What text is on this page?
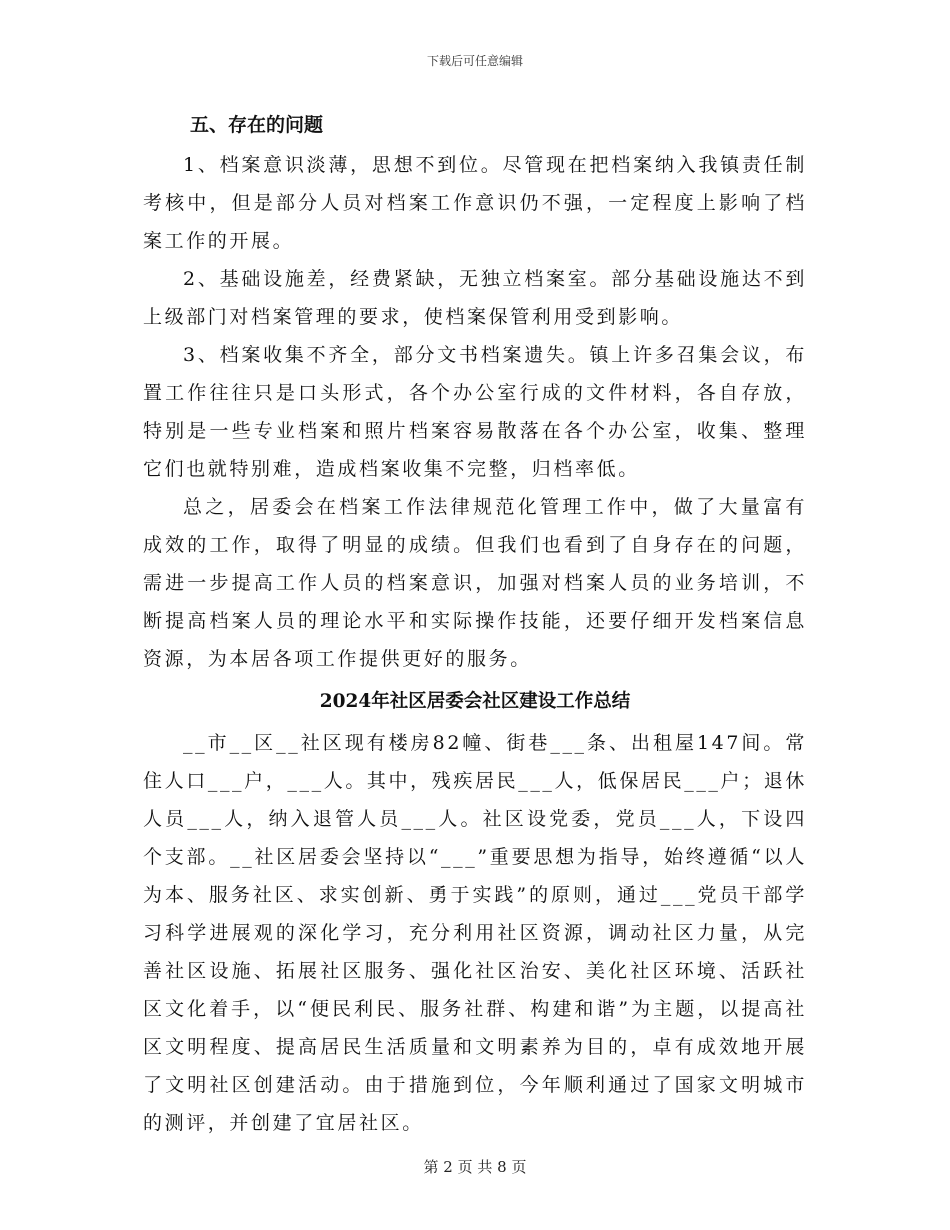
下载后可任意编辑
五、存在的问题

1、档案意识淡薄，思想不到位。尽管现在把档案纳入我镇责任制考核中，但是部分人员对档案工作意识仍不强，一定程度上影响了档案工作的开展。

2、基础设施差，经费紧缺，无独立档案室。部分基础设施达不到上级部门对档案管理的要求，使档案保管利用受到影响。

3、档案收集不齐全，部分文书档案遗失。镇上许多召集会议，布置工作往往只是口头形式，各个办公室行成的文件材料，各自存放，特别是一些专业档案和照片档案容易散落在各个办公室，收集、整理它们也就特别难，造成档案收集不完整，归档率低。

总之，居委会在档案工作法律规范化管理工作中，做了大量富有成效的工作，取得了明显的成绩。但我们也看到了自身存在的问题，需进一步提高工作人员的档案意识，加强对档案人员的业务培训，不断提高档案人员的理论水平和实际操作技能，还要仔细开发档案信息资源，为本居各项工作提供更好的服务。

2024年社区居委会社区建设工作总结

__市__区__社区现有楼房82幢、街巷___条、出租屋147间。常住人口___户，___人。其中，残疾居民___人，低保居民___户；退休人员___人，纳入退管人员___人。社区设党委，党员___人，下设四个支部。__社区居委会坚持以“___”重要思想为指导，始终遵循“以人为本、服务社区、求实创新、勇于实践”的原则，通过___党员干部学习科学进展观的深化学习，充分利用社区资源，调动社区力量，从完善社区设施、拓展社区服务、强化社区治安、美化社区环境、活跃社区文化着手，以“便民利民、服务社群、构建和谐”为主题，以提高社区文明程度、提高居民生活质量和文明素养为目的，卓有成效地开展了文明社区创建活动。由于措施到位，今年顺利通过了国家文明城市的测评，并创建了宜居社区。

第 2 页 共 8 页
